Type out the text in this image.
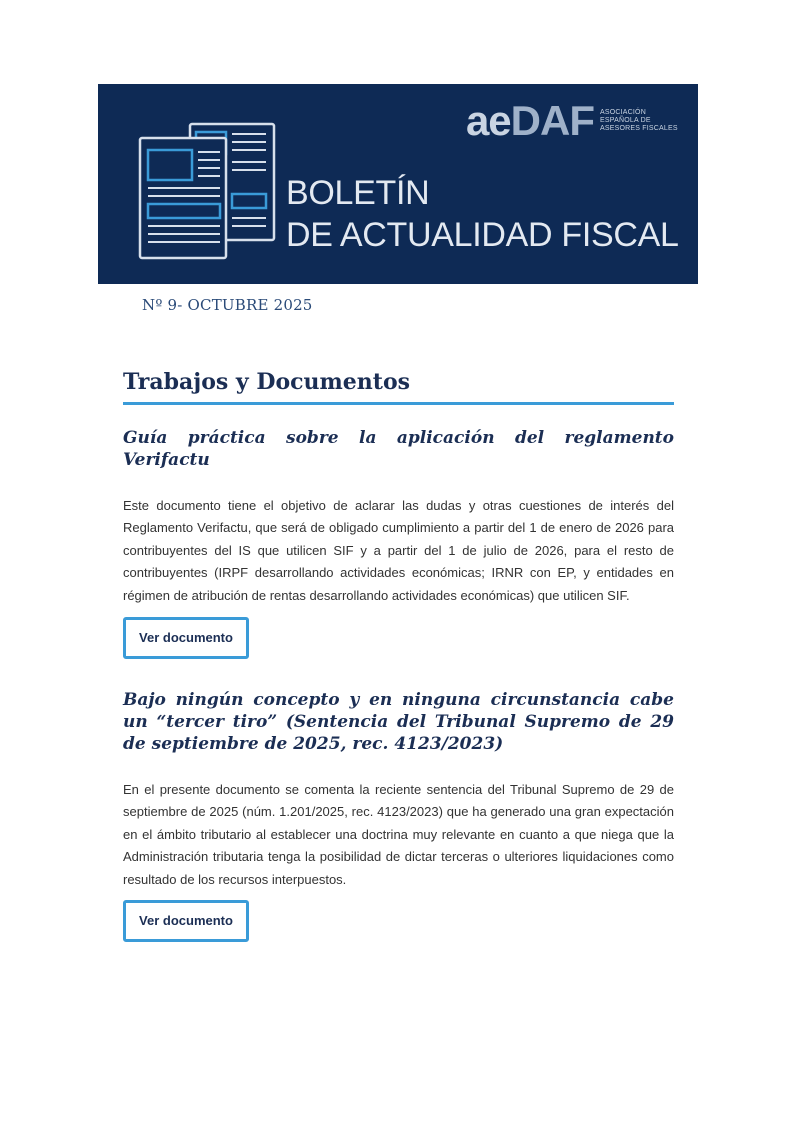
aeDAF ASOCIACIÓN ESPAÑOLA DE ASESORES FISCALES
BOLETÍN
DE ACTUALIDAD FISCAL
Nº 9- OCTUBRE 2025
Trabajos y Documentos
Guía práctica sobre la aplicación del reglamento Verifactu

Este documento tiene el objetivo de aclarar las dudas y otras cuestiones de interés del Reglamento Verifactu, que será de obligado cumplimiento a partir del 1 de enero de 2026 para contribuyentes del IS que utilicen SIF y a partir del 1 de julio de 2026, para el resto de contribuyentes (IRPF desarrollando actividades económicas; IRNR con EP, y entidades en régimen de atribución de rentas desarrollando actividades económicas) que utilicen SIF.

Ver documento
Bajo ningún concepto y en ninguna circunstancia cabe un “tercer tiro” (Sentencia del Tribunal Supremo de 29 de septiembre de 2025, rec. 4123/2023)

En el presente documento se comenta la reciente sentencia del Tribunal Supremo de 29 de septiembre de 2025 (núm. 1.201/2025, rec. 4123/2023) que ha generado una gran expectación en el ámbito tributario al establecer una doctrina muy relevante en cuanto a que niega que la Administración tributaria tenga la posibilidad de dictar terceras o ulteriores liquidaciones como resultado de los recursos interpuestos.

Ver documento
